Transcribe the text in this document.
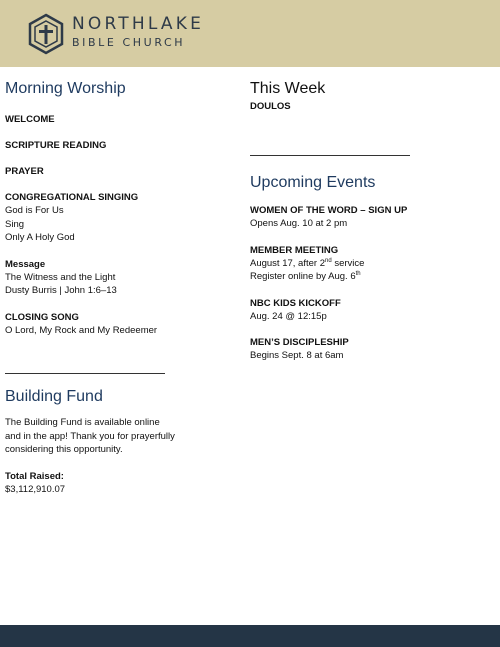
NORTHLAKE
BIBLE CHURCH
Morning Worship

WELCOME

SCRIPTURE READING

PRAYER

CONGREGATIONAL SINGING

God is For Us

Sing

Only A Holy God

Message

The Witness and the Light

Dusty Burris | John 1:6–13

CLOSING SONG

O Lord, My Rock and My Redeemer

Building Fund

The Building Fund is available online

and in the app! Thank you for prayerfully

considering this opportunity.

Total Raised:

$3,112,910.07

This Week

DOULOS

Upcoming Events

WOMEN OF THE WORD – SIGN UP

Opens Aug. 10 at 2 pm

MEMBER MEETING

August 17, after 2nd service

Register online by Aug. 6th

NBC KIDS KICKOFF

Aug. 24 @ 12:15p

MEN’S DISCIPLESHIP

Begins Sept. 8 at 6am
